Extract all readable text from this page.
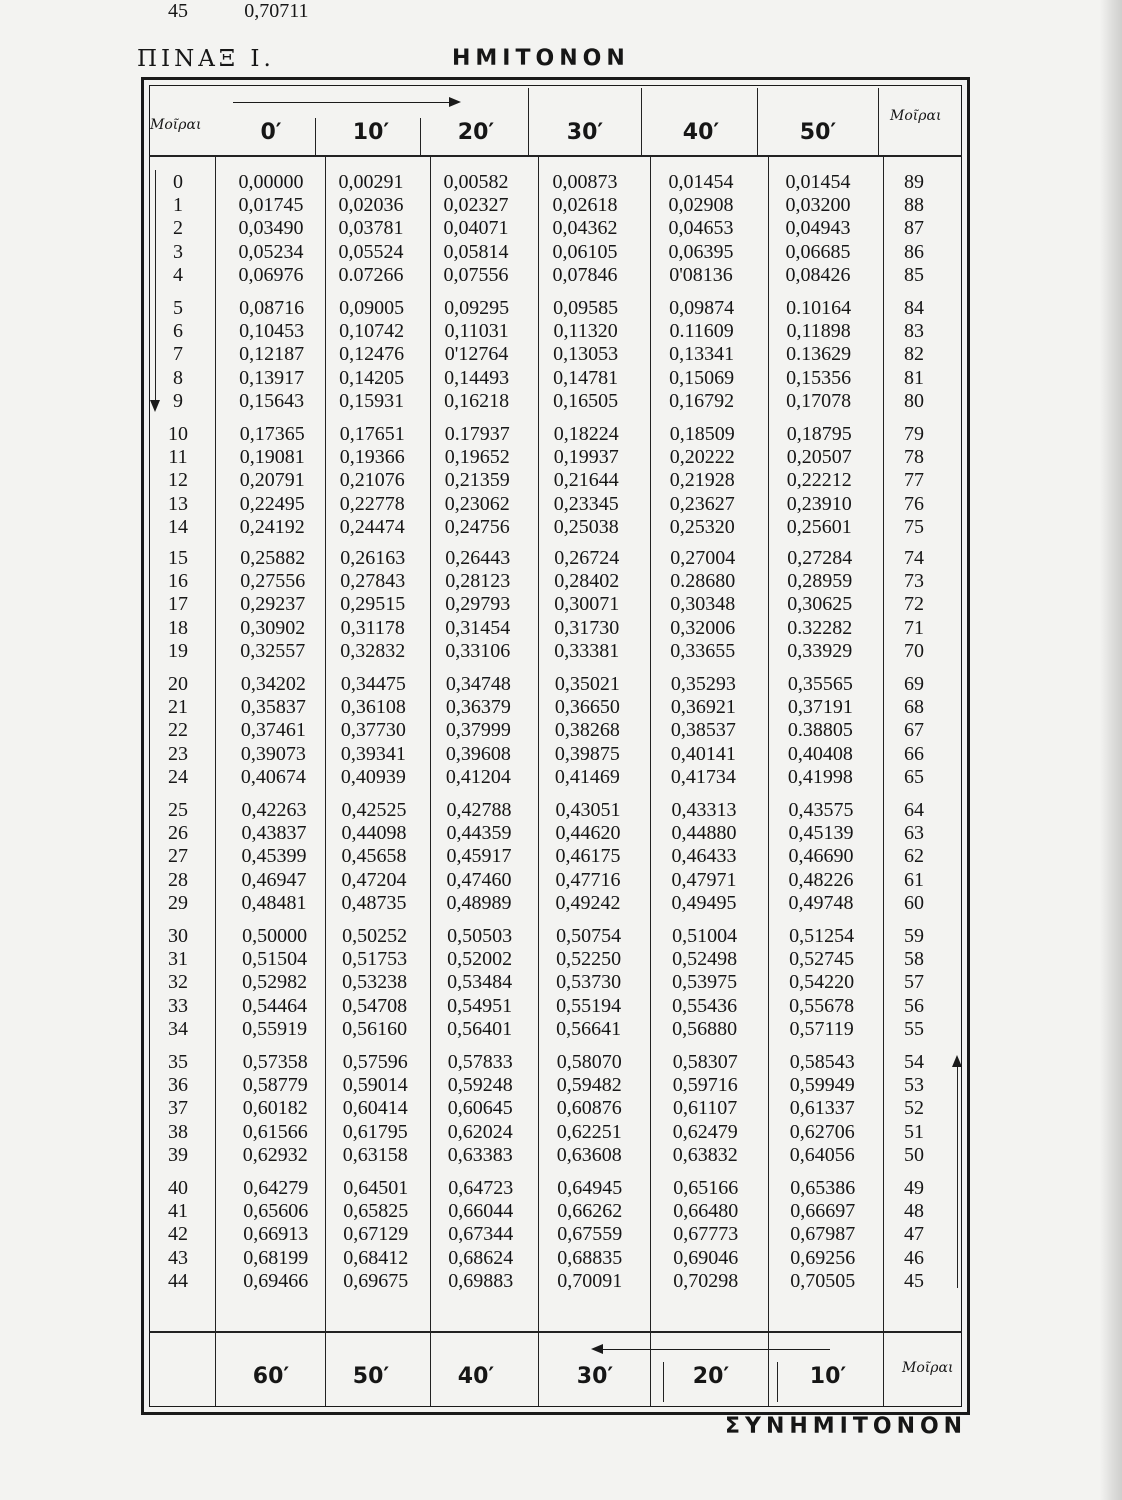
ΠΙΝΑΞ Ι.	ΗΜΙΤΟΝΟΝ
ΣΥΝΗΜΙΤΟΝΟΝ
Μοῖραι
Μοῖραι
Μοῖραι
0′	10′	20′	30′	40′	50′
60′	50′	40′	30′	20′	10′
0	0,00000	0,00291	0,00582	0,00873	0,01454	0,01454	89
1	0,01745	0,02036	0,02327	0,02618	0,02908	0,03200	88
2	0,03490	0,03781	0,04071	0,04362	0,04653	0,04943	87
3	0,05234	0,05524	0,05814	0,06105	0,06395	0,06685	86
4	0,06976	0.07266	0,07556	0,07846	0'08136	0,08426	85
5	0,08716	0,09005	0,09295	0,09585	0,09874	0.10164	84
6	0,10453	0,10742	0,11031	0,11320	0.11609	0,11898	83
7	0,12187	0,12476	0'12764	0,13053	0,13341	0.13629	82
8	0,13917	0,14205	0,14493	0,14781	0,15069	0,15356	81
9	0,15643	0,15931	0,16218	0,16505	0,16792	0,17078	80
10	0,17365	0,17651	0.17937	0,18224	0,18509	0,18795	79
11	0,19081	0,19366	0,19652	0,19937	0,20222	0,20507	78
12	0,20791	0,21076	0,21359	0,21644	0,21928	0,22212	77
13	0,22495	0,22778	0,23062	0,23345	0,23627	0,23910	76
14	0,24192	0,24474	0,24756	0,25038	0,25320	0,25601	75
15	0,25882	0,26163	0,26443	0,26724	0,27004	0,27284	74
16	0,27556	0,27843	0,28123	0,28402	0.28680	0,28959	73
17	0,29237	0,29515	0,29793	0,30071	0,30348	0,30625	72
18	0,30902	0,31178	0,31454	0,31730	0,32006	0.32282	71
19	0,32557	0,32832	0,33106	0,33381	0,33655	0,33929	70
20	0,34202	0,34475	0,34748	0,35021	0,35293	0,35565	69
21	0,35837	0,36108	0,36379	0,36650	0,36921	0,37191	68
22	0,37461	0,37730	0,37999	0,38268	0,38537	0.38805	67
23	0,39073	0,39341	0,39608	0,39875	0,40141	0,40408	66
24	0,40674	0,40939	0,41204	0,41469	0,41734	0,41998	65
25	0,42263	0,42525	0,42788	0,43051	0,43313	0,43575	64
26	0,43837	0,44098	0,44359	0,44620	0,44880	0,45139	63
27	0,45399	0,45658	0,45917	0,46175	0,46433	0,46690	62
28	0,46947	0,47204	0,47460	0,47716	0,47971	0,48226	61
29	0,48481	0,48735	0,48989	0,49242	0,49495	0,49748	60
30	0,50000	0,50252	0,50503	0,50754	0,51004	0,51254	59
31	0,51504	0,51753	0,52002	0,52250	0,52498	0,52745	58
32	0,52982	0,53238	0,53484	0,53730	0,53975	0,54220	57
33	0,54464	0,54708	0,54951	0,55194	0,55436	0,55678	56
34	0,55919	0,56160	0,56401	0,56641	0,56880	0,57119	55
35	0,57358	0,57596	0,57833	0,58070	0,58307	0,58543	54
36	0,58779	0,59014	0,59248	0,59482	0,59716	0,59949	53
37	0,60182	0,60414	0,60645	0,60876	0,61107	0,61337	52
38	0,61566	0,61795	0,62024	0,62251	0,62479	0,62706	51
39	0,62932	0,63158	0,63383	0,63608	0,63832	0,64056	50
40	0,64279	0,64501	0,64723	0,64945	0,65166	0,65386	49
41	0,65606	0,65825	0,66044	0,66262	0,66480	0,66697	48
42	0,66913	0,67129	0,67344	0,67559	0,67773	0,67987	47
43	0,68199	0,68412	0,68624	0,68835	0,69046	0,69256	46
44	0,69466	0,69675	0,69883	0,70091	0,70298	0,70505	45
45	0,70711
